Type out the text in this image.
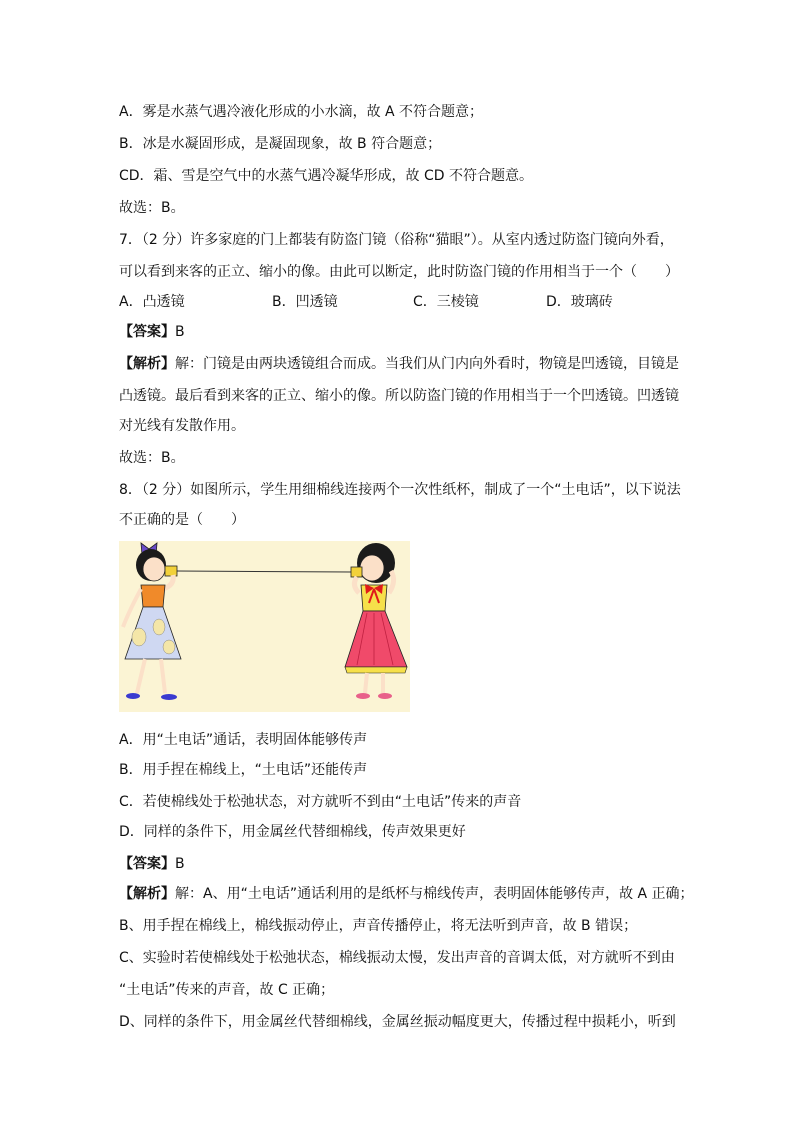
A．雾是水蒸气遇冷液化形成的小水滴，故 A 不符合题意；
B．冰是水凝固形成，是凝固现象，故 B 符合题意；
CD．霜、雪是空气中的水蒸气遇冷凝华形成，故 CD 不符合题意。
故选：B。
7．（2 分）许多家庭的门上都装有防盗门镜（俗称“猫眼”）。从室内透过防盗门镜向外看，
可以看到来客的正立、缩小的像。由此可以断定，此时防盗门镜的作用相当于一个（　　）
A．凸透镜	B．凹透镜	C．三棱镜	D．玻璃砖
【答案】B
【解析】解：门镜是由两块透镜组合而成。当我们从门内向外看时，物镜是凹透镜，目镜是
凸透镜。最后看到来客的正立、缩小的像。所以防盗门镜的作用相当于一个凹透镜。凹透镜
对光线有发散作用。
故选：B。
8．（2 分）如图所示，学生用细棉线连接两个一次性纸杯，制成了一个“土电话”，以下说法
不正确的是（　　）
A．用“土电话”通话，表明固体能够传声
B．用手捏在棉线上，“土电话”还能传声
C．若使棉线处于松弛状态，对方就听不到由“土电话”传来的声音
D．同样的条件下，用金属丝代替细棉线，传声效果更好
【答案】B
【解析】解：A、用“土电话”通话利用的是纸杯与棉线传声，表明固体能够传声，故 A 正确；
B、用手捏在棉线上，棉线振动停止，声音传播停止，将无法听到声音，故 B 错误；
C、实验时若使棉线处于松弛状态，棉线振动太慢，发出声音的音调太低，对方就听不到由
“土电话”传来的声音，故 C 正确；
D、同样的条件下，用金属丝代替细棉线，金属丝振动幅度更大，传播过程中损耗小，听到
